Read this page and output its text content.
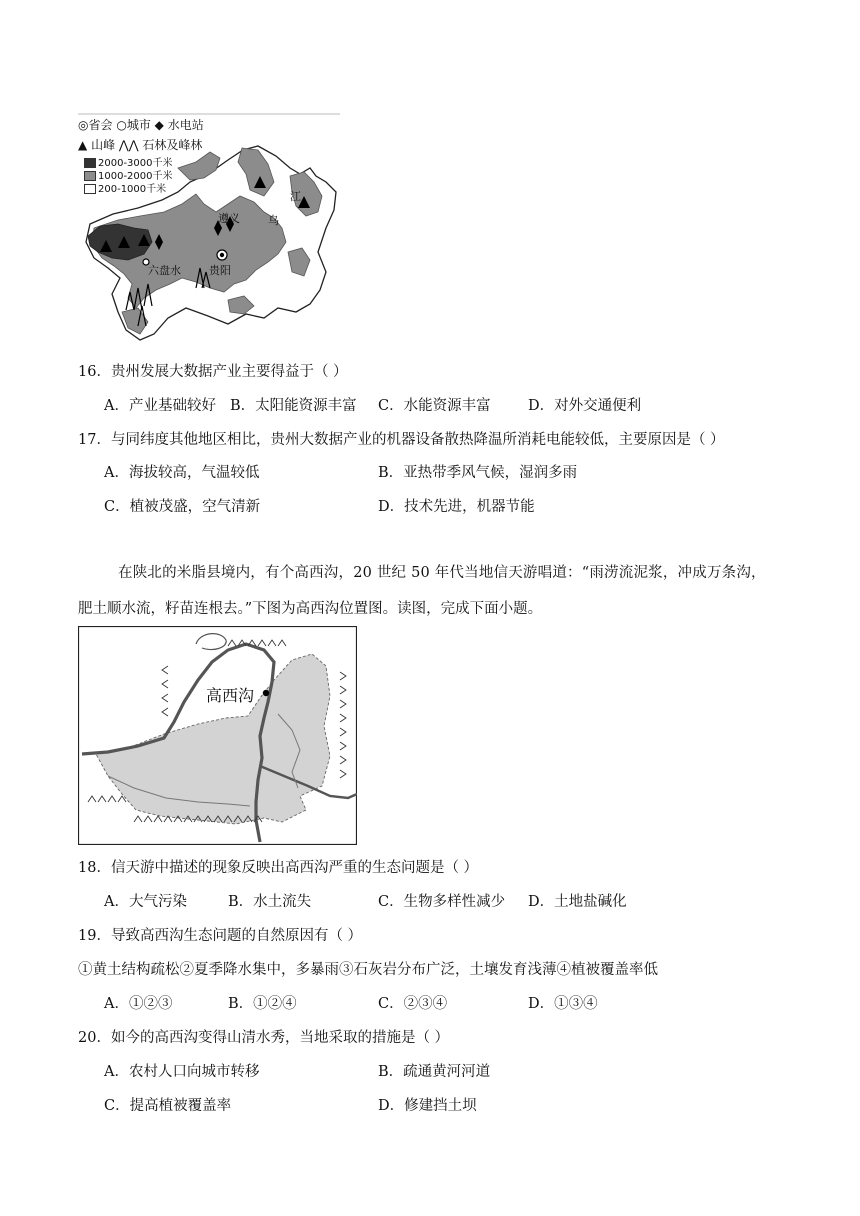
◎省会 ○城市 ◆ 水电站
▲ 山峰 ⋀⋀ 石林及峰林
2000-3000千米
1000-2000千米
200-1000千米
遵义	乌
江
六盘水	贵阳
16．贵州发展大数据产业主要得益于（ ）
A．产业基础较好 B．太阳能资源丰富 C．水能资源丰富	D．对外交通便利
17．与同纬度其他地区相比，贵州大数据产业的机器设备散热降温所消耗电能较低，主要原因是（ ）
A．海拔较高，气温较低	B．亚热带季风气候，湿润多雨
C．植被茂盛，空气清新	D．技术先进，机器节能
在陕北的米脂县境内，有个高西沟，20 世纪 50 年代当地信天游唱道：“雨涝流泥浆，冲成万条沟，
肥土顺水流，籽苗连根去。”下图为高西沟位置图。读图，完成下面小题。
高西沟
18．信天游中描述的现象反映出高西沟严重的生态问题是（ ）
A．大气污染	B．水土流失	C．生物多样性减少 D．土地盐碱化
19．导致高西沟生态问题的自然原因有（ ）
①黄土结构疏松②夏季降水集中，多暴雨③石灰岩分布广泛，土壤发育浅薄④植被覆盖率低
A．①②③	B．①②④	C．②③④	D．①③④
20．如今的高西沟变得山清水秀，当地采取的措施是（ ）
A．农村人口向城市转移	B．疏通黄河河道
C．提高植被覆盖率	D．修建挡土坝
